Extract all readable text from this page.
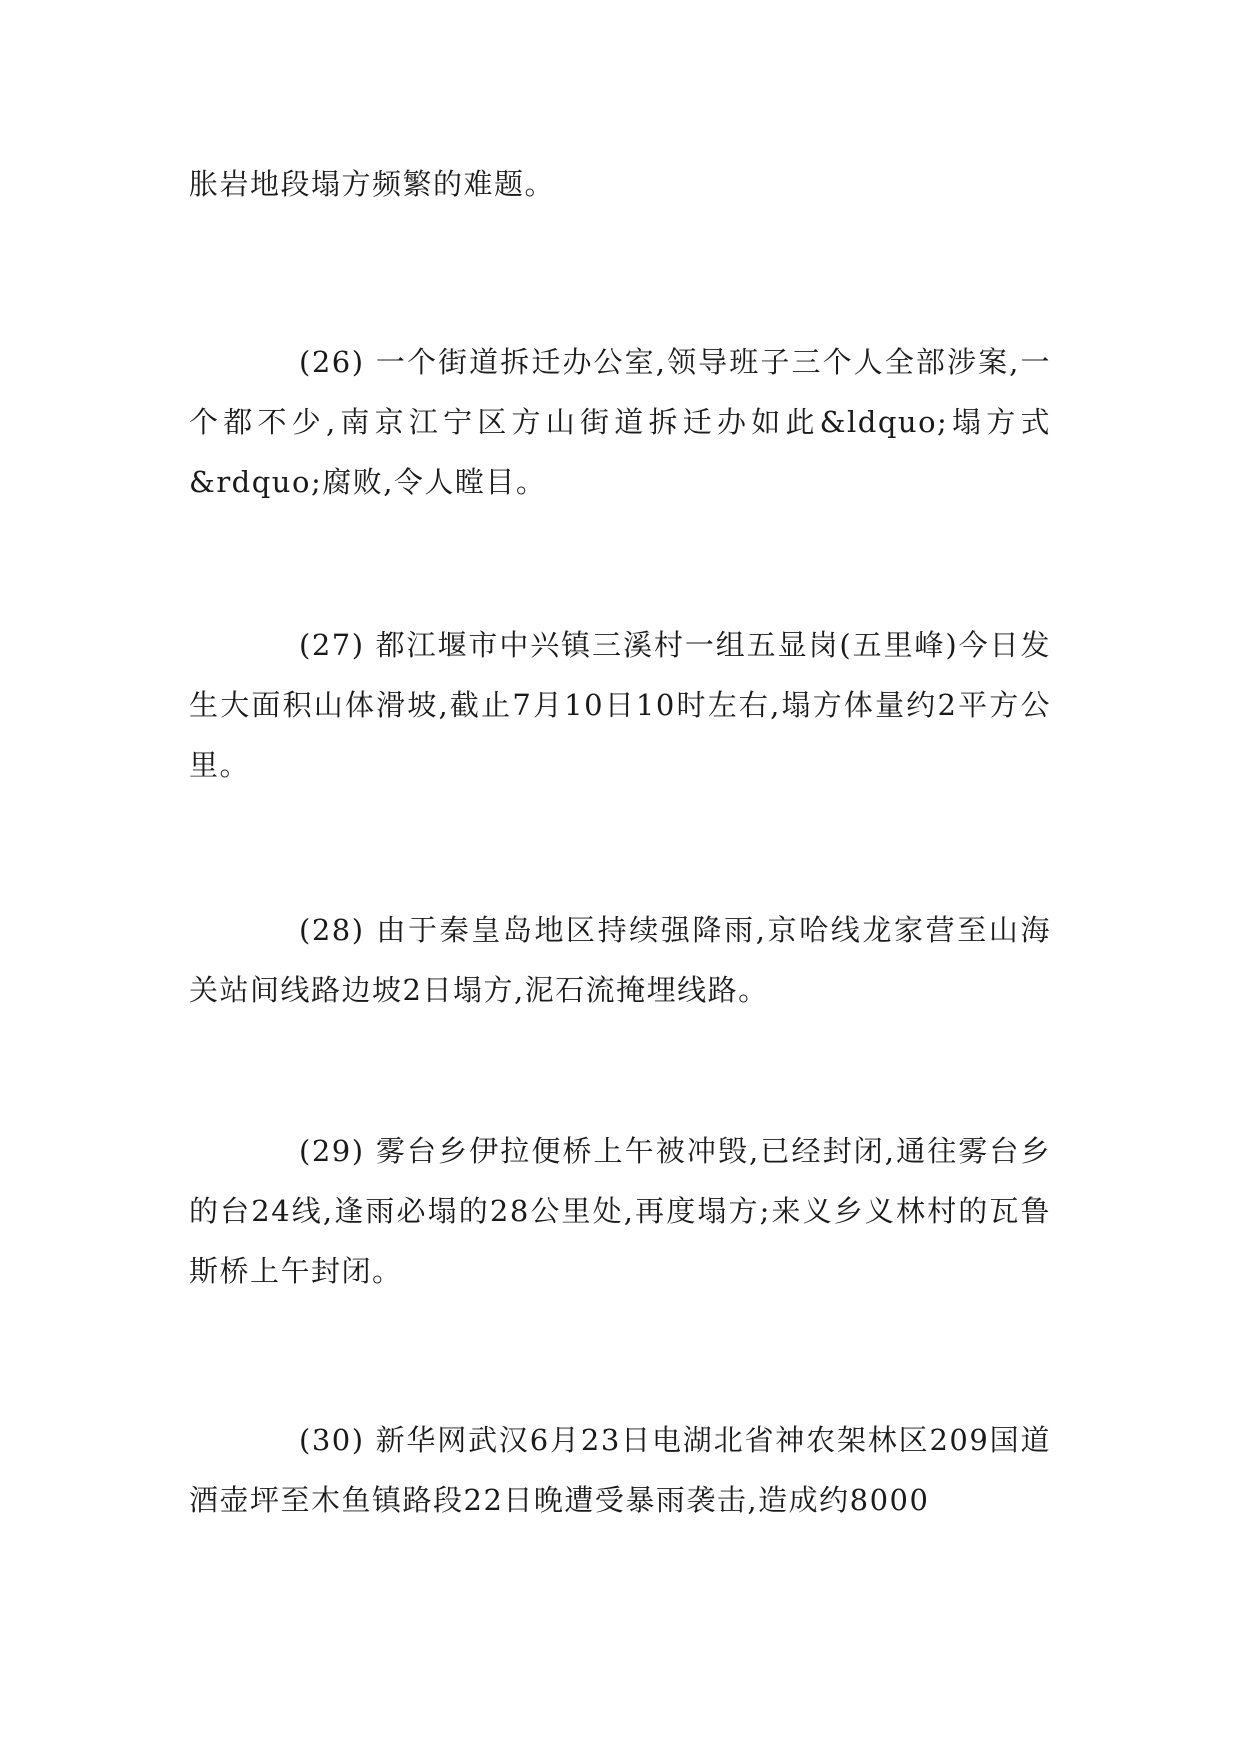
胀岩地段塌方频繁的难题。

(26) 一个街道拆迁办公室,领导班子三个人全部涉案,一个都不少,南京江宁区方山街道拆迁办如此&ldquo;塌方式&rdquo;腐败,令人瞠目。

(27) 都江堰市中兴镇三溪村一组五显岗(五里峰)今日发生大面积山体滑坡,截止7月10日10时左右,塌方体量约2平方公里。

(28) 由于秦皇岛地区持续强降雨,京哈线龙家营至山海关站间线路边坡2日塌方,泥石流掩埋线路。

(29) 雾台乡伊拉便桥上午被冲毁,已经封闭,通往雾台乡的台24线,逢雨必塌的28公里处,再度塌方;来义乡义林村的瓦鲁斯桥上午封闭。

(30) 新华网武汉6月23日电湖北省神农架林区209国道酒壶坪至木鱼镇路段22日晚遭受暴雨袭击,造成约8000
